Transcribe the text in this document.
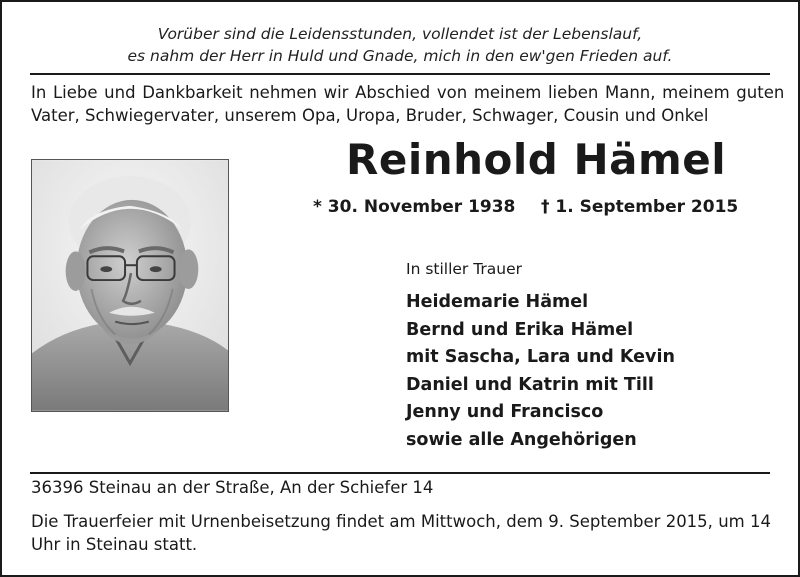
Vorüber sind die Leidensstunden, vollendet ist der Lebenslauf,
es nahm der Herr in Huld und Gnade, mich in den ew'gen Frieden auf.
In Liebe und Dankbarkeit nehmen wir Abschied von meinem lieben Mann, meinem guten
Vater, Schwiegervater, unserem Opa, Uropa, Bruder, Schwager, Cousin und Onkel
Reinhold Hämel
* 30. November 1938 † 1. September 2015
In stiller Trauer
Heidemarie Hämel
Bernd und Erika Hämel
mit Sascha, Lara und Kevin
Daniel und Katrin mit Till
Jenny und Francisco
sowie alle Angehörigen
36396 Steinau an der Straße, An der Schiefer 14
Die Trauerfeier mit Urnenbeisetzung findet am Mittwoch, dem 9. September 2015, um 14 Uhr in Steinau statt.
